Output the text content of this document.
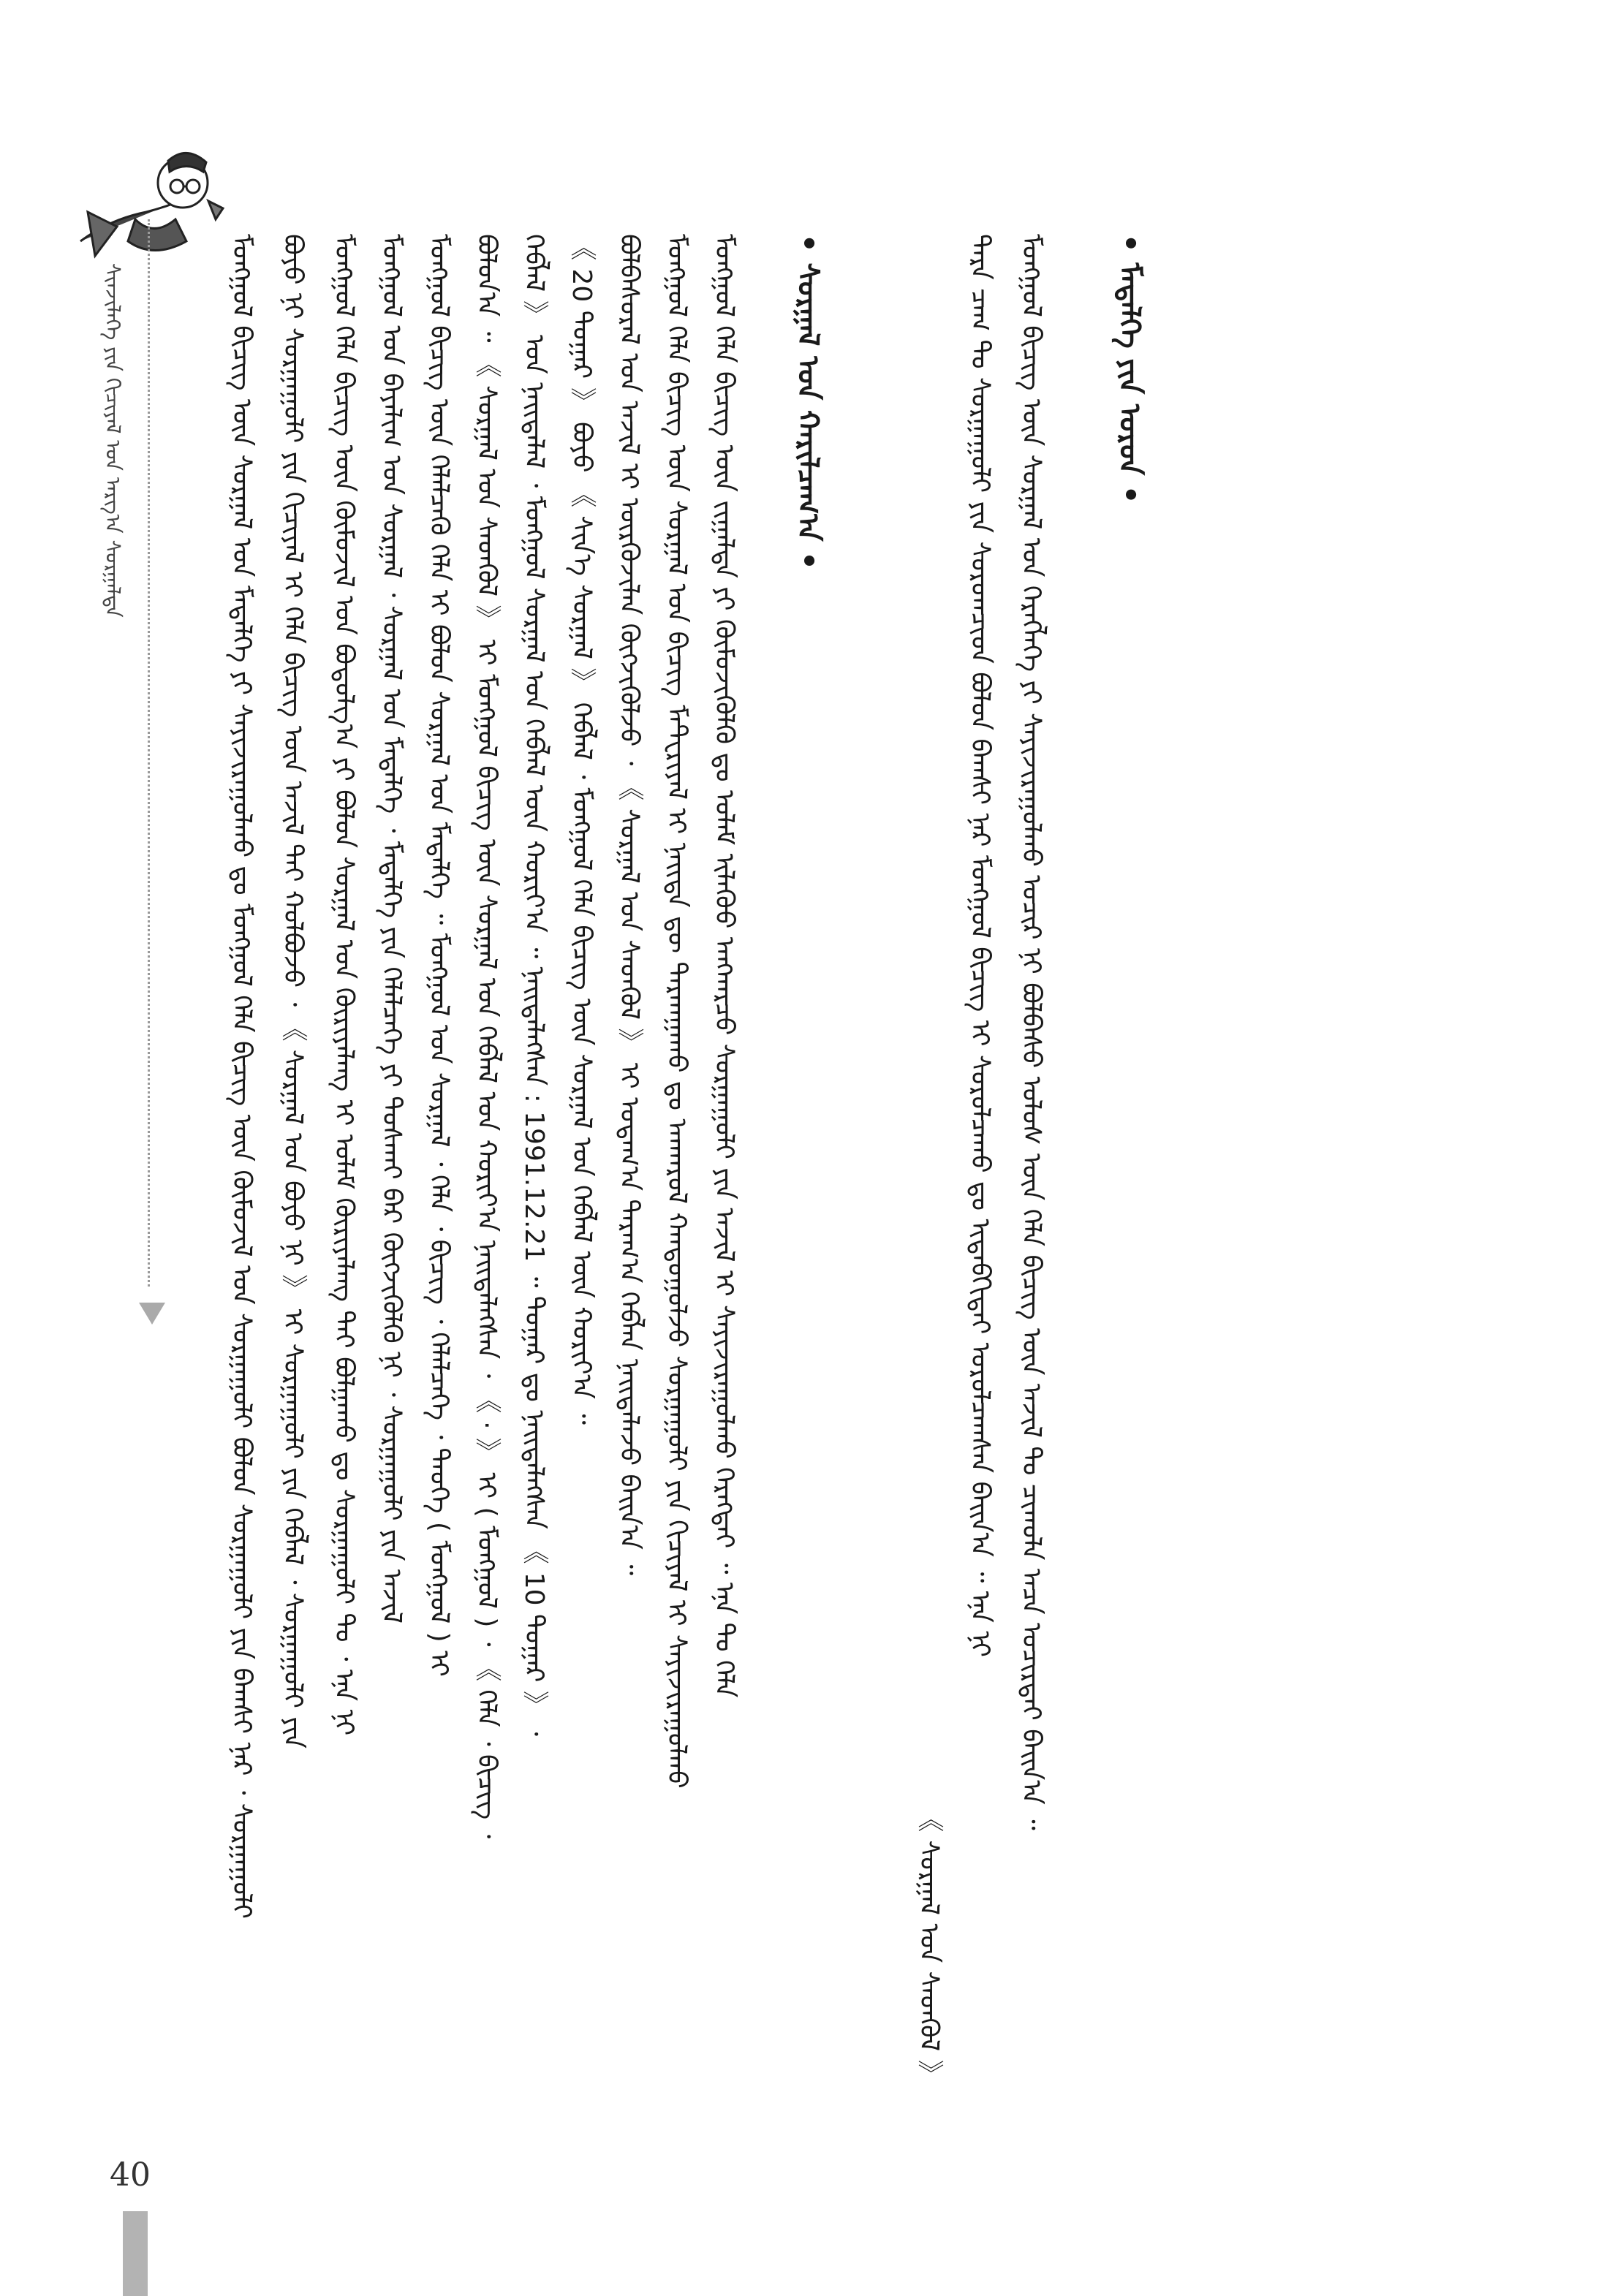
ᠰᠢᠨᠵᠢᠯᠡᠭᠡ ᠶᠢᠨ ᠬᠢᠴᠢᠶᠡᠯ ᠤᠨ ᠠᠷᠭ᠎ᠠ ᠰᠤᠷᠭᠠᠯᠲᠠ	ᠮᠣᠩᠭᠣᠯ ᠪᠢᠴᠢᠭ᠌ ᠦᠨ ᠰᠤᠷᠭᠠᠯ ᠤᠨ ᠮᠡᠳᠡᠯᠭᠡ ᠶᠢ ᠰᠠᠶᠢᠵᠢᠷᠠᠭᠤᠯᠬᠤ ᠳᠤ ᠮᠣᠩᠭᠣᠯ ᠬᠡᠯᠡ ᠪᠢᠴᠢᠭ᠌ ᠦᠨ ᠬᠦᠮᠦᠵᠢᠯ ᠤᠨ ᠰᠤᠷᠭᠠᠭᠤᠯᠢ ᠪᠤᠯᠤᠨ ᠰᠤᠷᠭᠠᠭᠤᠯᠢ ᠶᠢᠨ ᠪᠠᠭᠰᠢ ᠨᠠᠷ ᠂ ᠰᠤᠷᠭᠠᠭᠤᠯᠢ ᠪᠤᠶᠤ ᠨᠢ ᠰᠤᠷᠭᠠᠭᠤᠯᠢ ᠶᠢᠨ ᠬᠢᠴᠢᠶᠡᠯ ᠢ ᠬᠡᠯᠡ ᠪᠢᠴᠢᠭ᠌ ᠦᠨ ᠠᠵᠢᠯ ᠲᠠᠢ ᠬᠣᠯᠪᠣᠵᠤ ᠂ 《 ᠰᠤᠷᠭᠠᠯ ᠤᠨ ᠪᠤᠶᠤ ᠨᠢ 》 ᠢ ᠰᠤᠷᠭᠠᠭᠤᠯᠢ ᠶᠢᠨ ᠬᠡᠪᠯᠡᠯ ᠂ ᠰᠤᠷᠭᠠᠭᠤᠯᠢ ᠶᠢᠨ ᠮᠣᠩᠭᠣᠯ ᠬᠡᠯᠡ ᠪᠢᠴᠢᠭ᠌ ᠦᠨ ᠬᠦᠮᠦᠵᠢᠯ ᠤᠨ ᠪᠣᠳᠤᠯᠭ᠎ᠠ ᠶᠢ ᠪᠤᠯᠤᠨ ᠰᠤᠷᠭᠠᠯ ᠤᠨ ᠬᠦᠷᠢᠶᠡᠯᠡᠩ ᠢ ᠤᠯᠠᠮ ᠬᠦᠷᠢᠶᠡᠯᠡᠩ ᠲᠡᠢ ᠪᠣᠯᠭᠠᠬᠤ ᠳᠤ ᠰᠤᠷᠭᠠᠭᠤᠯᠢ ᠲᠤ ᠂ ᠡᠨᠡ ᠨᠢ ᠮᠣᠩᠭᠣᠯ ᠤᠨ ᠪᠠᠶᠠᠯᠢᠭ ᠤᠨ ᠰᠤᠷᠭᠠᠯ ᠂ ᠰᠤᠷᠭᠠᠯ ᠤᠨ ᠮᠡᠳᠡᠯᠭᠡ ᠂ ᠮᠡᠳᠡᠯᠭᠡ ᠶᠢᠨ ᠬᠡᠯᠡᠯᠴᠡᠭᠡ ᠶᠢ ᠲᠤᠰᠬᠠᠢ ᠪᠡᠷ ᠬᠦᠭᠵᠢᠭᠦᠯᠬᠦ ᠨᠢ ᠂ ᠰᠤᠷᠭᠠᠭᠤᠯᠢ ᠶᠢᠨ ᠠᠵᠢᠯ ᠮᠣᠩᠭᠣᠯ ᠪᠢᠴᠢᠭ᠌ ᠦᠨ ᠬᠡᠯᠡᠯᠴᠡᠬᠦ ᠬᠡᠯᠡ ᠢ ᠪᠤᠯᠤᠨ ᠰᠤᠷᠭᠠᠯ ᠤᠨ ᠮᠡᠳᠡᠯᠭᠡ ᠃ ᠮᠣᠩᠭᠣᠯ ᠤᠨ ᠰᠤᠷᠭᠠᠯ ᠂ ᠬᠡᠯᠡ ᠂ ᠪᠢᠴᠢᠭ᠌ ᠂ ᠬᠡᠯᠡᠯᠴᠡᠭᠡ ᠂ ᠲᠡᠦᠬᠡ ( ᠮᠣᠩᠭᠣᠯ ) ᠢ ᠪᠣᠯᠤᠨ᠎ᠠ ᠃ 《 ᠰᠤᠷᠭᠠᠯ ᠤᠨ ᠰᠡᠳᠬᠦᠯ 》 ᠢ ᠮᠣᠩᠭᠣᠯ ᠪᠢᠴᠢᠭ᠌ ᠦᠨ ᠰᠤᠷᠭᠠᠯ ᠤᠨ ᠬᠡᠪᠯᠡᠯ ᠤᠨ ᠬᠣᠷᠢᠶ᠎ᠠ ᠨᠡᠢᠲᠡᠯᠡᠭᠰᠡᠨ ᠂ 《 · 》 ᠢ ( ᠮᠣᠩᠭᠣᠯ ) ᠂ 《 ᠬᠡᠯᠡ ᠂ ᠪᠢᠴᠢᠭ᠌ ᠂ ᠬᠡᠪᠯᠡᠯ 》 ᠤᠨ ᠨᠡᠢᠲᠡᠯᠡᠯ ᠂ ᠮᠣᠩᠭᠣᠯ ᠰᠤᠷᠭᠠᠯ ᠤᠨ ᠬᠡᠪᠯᠡᠯ ᠦᠨ ᠬᠣᠷᠢᠶ᠎ᠠ ᠃ ᠨᠡᠢᠲᠡᠯᠡᠭᠰᠡᠨ : 1991.12.21 ᠃ ᠳᠤᠭᠠᠷ ᠳᠤ ᠨᠡᠢᠲᠡᠯᠡᠭᠰᠡᠨ 《 10 ᠳᠤᠭᠠᠷ 》 ᠂ 《 20 ᠳᠤᠭᠠᠷ 》 ᠪᠤᠶᠤ 《 ᠰᠢᠨ᠎ᠡ ᠰᠤᠷᠭᠠᠯ 》 ᠬᠡᠪᠯᠡᠯ ᠂ ᠮᠣᠩᠭᠣᠯ ᠬᠡᠯᠡ ᠪᠢᠴᠢᠭ᠌ ᠦᠨ ᠰᠤᠷᠭᠠᠯ ᠤᠨ ᠬᠡᠪᠯᠡᠯ ᠦᠨ ᠬᠣᠷᠢᠶ᠎ᠠ ᠃ ᠪᠣᠯᠪᠠᠰᠤᠷᠠᠯ ᠤᠨ ᠠᠵᠢᠯ ᠢ ᠦᠷᠭᠦᠵᠢᠯᠡᠨ ᠬᠦᠭᠵᠢᠭᠦᠯᠵᠦ ᠂ 《 ᠰᠤᠷᠭᠠᠯ ᠤᠨ ᠰᠡᠳᠬᠦᠯ 》 ᠢ ᠤᠳᠠᠭ᠎ᠠ ᠳᠠᠷᠠᠭ᠎ᠠ ᠬᠡᠪᠯᠡᠨ ᠨᠡᠢᠲᠡᠯᠡᠵᠦ ᠪᠠᠢᠨ᠎ᠠ ᠃ ᠮᠣᠩᠭᠣᠯ ᠬᠡᠯᠡ ᠪᠢᠴᠢᠭ᠌ ᠦᠨ ᠰᠤᠷᠭᠠᠯ ᠤᠨ ᠪᠢᠴᠢᠭ᠌ ᠮᠠᠲ᠋ᠧᠷᠢᠶᠠᠯ ᠢ ᠨᠡᠢᠲᠡ ᠳᠦ ᠲᠠᠷᠬᠠᠭᠠᠬᠤ ᠳᠤ ᠠᠨᠬᠠᠷᠤᠯ ᠬᠠᠨᠳᠤᠭᠤᠯᠵᠤ ᠰᠤᠷᠭᠠᠭᠤᠯᠢ ᠶᠢᠨ ᠬᠢᠴᠢᠶᠡᠯ ᠢ ᠰᠠᠶᠢᠵᠢᠷᠠᠭᠤᠯᠬᠤ ᠮᠣᠩᠭᠣᠯ ᠬᠡᠯᠡ ᠪᠢᠴᠢᠭ᠌ ᠦᠨ ᠵᠢᠭᠠᠯᠲᠠ ᠶᠢ ᠬᠦᠮᠦᠵᠢᠭᠦᠯᠬᠦ ᠳᠤ ᠤᠯᠠᠮ ᠢᠯᠡᠭᠦᠦ ᠠᠩᠬᠠᠷᠴᠤ ᠰᠤᠷᠭᠠᠭᠤᠯᠢ ᠶᠢᠨ ᠠᠵᠢᠯ ᠢ ᠰᠠᠶᠢᠵᠢᠷᠠᠭᠤᠯᠬᠤ ᠬᠡᠷᠡᠭᠲᠡᠢ ᠃ ᠡᠨᠡ ᠲᠤ ᠬᠡᠯᠡ • ᠰᠤᠷᠭᠠᠯ ᠤᠨ ᠬᠠᠷᠢᠯᠴᠠᠭ᠎ᠠ •
《 ᠰᠤᠷᠭᠠᠯ ᠤᠨ ᠰᠡᠳᠬᠦᠯ 》
ᠲᠡᠷᠡ ᠴᠠᠭ ᠲᠤ ᠰᠤᠷᠭᠠᠭᠤᠯᠢ ᠶᠢᠨ ᠰᠤᠷᠤᠭᠴᠢᠳ ᠪᠤᠯᠤᠨ ᠪᠠᠭᠰᠢ ᠨᠠᠷ ᠮᠣᠩᠭᠣᠯ ᠪᠢᠴᠢᠭ᠌ ᠢ ᠰᠤᠷᠤᠯᠴᠠᠬᠤ ᠳᠤ ᠢᠳᠡᠪᠬᠢᠲᠡᠢ ᠣᠷᠣᠯᠴᠠᠭᠰᠠᠨ ᠪᠠᠢᠨ᠎ᠠ ᠃ ᠡᠨᠡ ᠨᠢ ᠮᠣᠩᠭᠣᠯ ᠪᠢᠴᠢᠭ᠌ ᠦᠨ ᠰᠤᠷᠭᠠᠯ ᠤᠨ ᠬᠡᠷᠡᠭᠯᠡᠭᠡ ᠶᠢ ᠰᠠᠶᠢᠵᠢᠷᠠᠭᠤᠯᠬᠤ ᠤᠴᠢᠷ ᠨᠢ ᠪᠣᠯᠪᠠᠰᠤ ᠤᠯᠤᠰ ᠦᠨ ᠬᠡᠯᠡ ᠪᠢᠴᠢᠭ᠌ ᠦᠨ ᠠᠵᠢᠯ ᠲᠤ ᠴᠢᠬᠤᠯᠠ ᠠᠴᠠ ᠤᠴᠢᠷᠲᠠᠢ ᠪᠠᠢᠨ᠎ᠠ ᠃ • ᠮᠡᠳᠡᠯᠭᠡ ᠶᠢᠨ ᠣᠷᠤᠨ •
40
